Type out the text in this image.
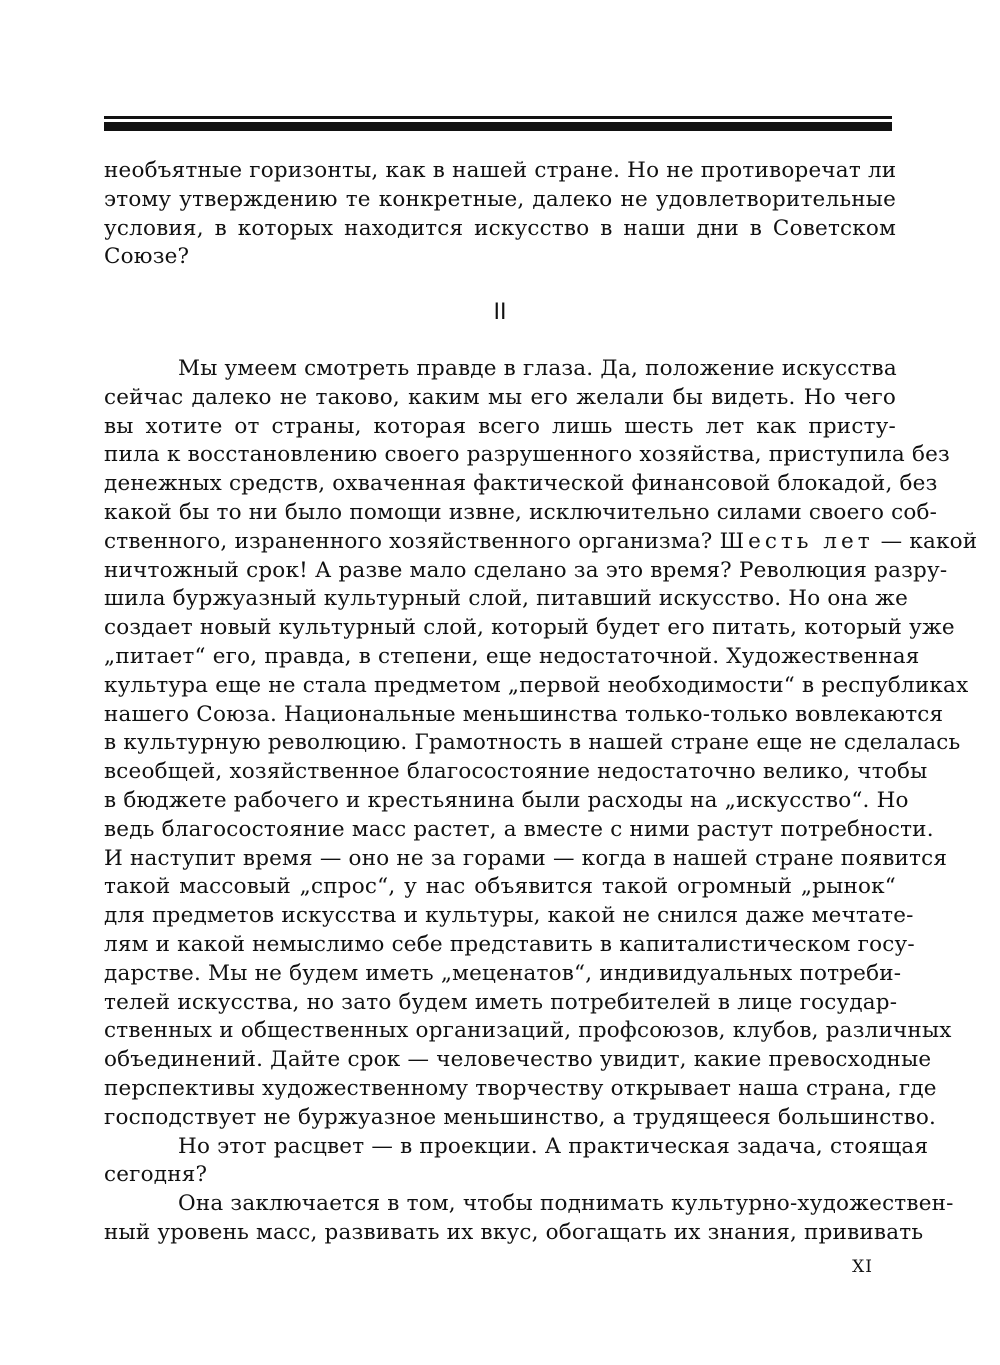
необъятные горизонты, как в нашей стране. Но не противоречат ли
этому утверждению те конкретные, далеко не удовлетворительные
условия, в которых находится искусство в наши дни в Советском
Союзе?
II
Мы умеем смотреть правде в глаза. Да, положение искусства
сейчас далеко не таково, каким мы его желали бы видеть. Но чего
вы хотите от страны, которая всего лишь шесть лет как присту-
пила к восстановлению своего разрушенного хозяйства, приступила без
денежных средств, охваченная фактической финансовой блокадой, без
какой бы то ни было помощи извне, исключительно силами своего соб-
ственного, израненного хозяйственного организма? Шесть лет — какой
ничтожный срок! А разве мало сделано за это время? Революция разру-
шила буржуазный культурный слой, питавший искусство. Но она же
создает новый культурный слой, который будет его питать, который уже
„питает“ его, правда, в степени, еще недостаточной. Художественная
культура еще не стала предметом „первой необходимости“ в республиках
нашего Союза. Национальные меньшинства только-только вовлекаются
в культурную революцию. Грамотность в нашей стране еще не сделалась
всеобщей, хозяйственное благосостояние недостаточно велико, чтобы
в бюджете рабочего и крестьянина были расходы на „искусство“. Но
ведь благосостояние масс растет, а вместе с ними растут потребности.
И наступит время — оно не за горами — когда в нашей стране появится
такой массовый „спрос“, у нас объявится такой огромный „рынок“
для предметов искусства и культуры, какой не снился даже мечтате-
лям и какой немыслимо себе представить в капиталистическом госу-
дарстве. Мы не будем иметь „меценатов“, индивидуальных потреби-
телей искусства, но зато будем иметь потребителей в лице государ-
ственных и общественных организаций, профсоюзов, клубов, различных
объединений. Дайте срок — человечество увидит, какие превосходные
перспективы художественному творчеству открывает наша страна, где
господствует не буржуазное меньшинство, а трудящееся большинство.
Но этот расцвет — в проекции. А практическая задача, стоящая
сегодня?
Она заключается в том, чтобы поднимать культурно-художествен-
ный уровень масс, развивать их вкус, обогащать их знания, прививать
XI
